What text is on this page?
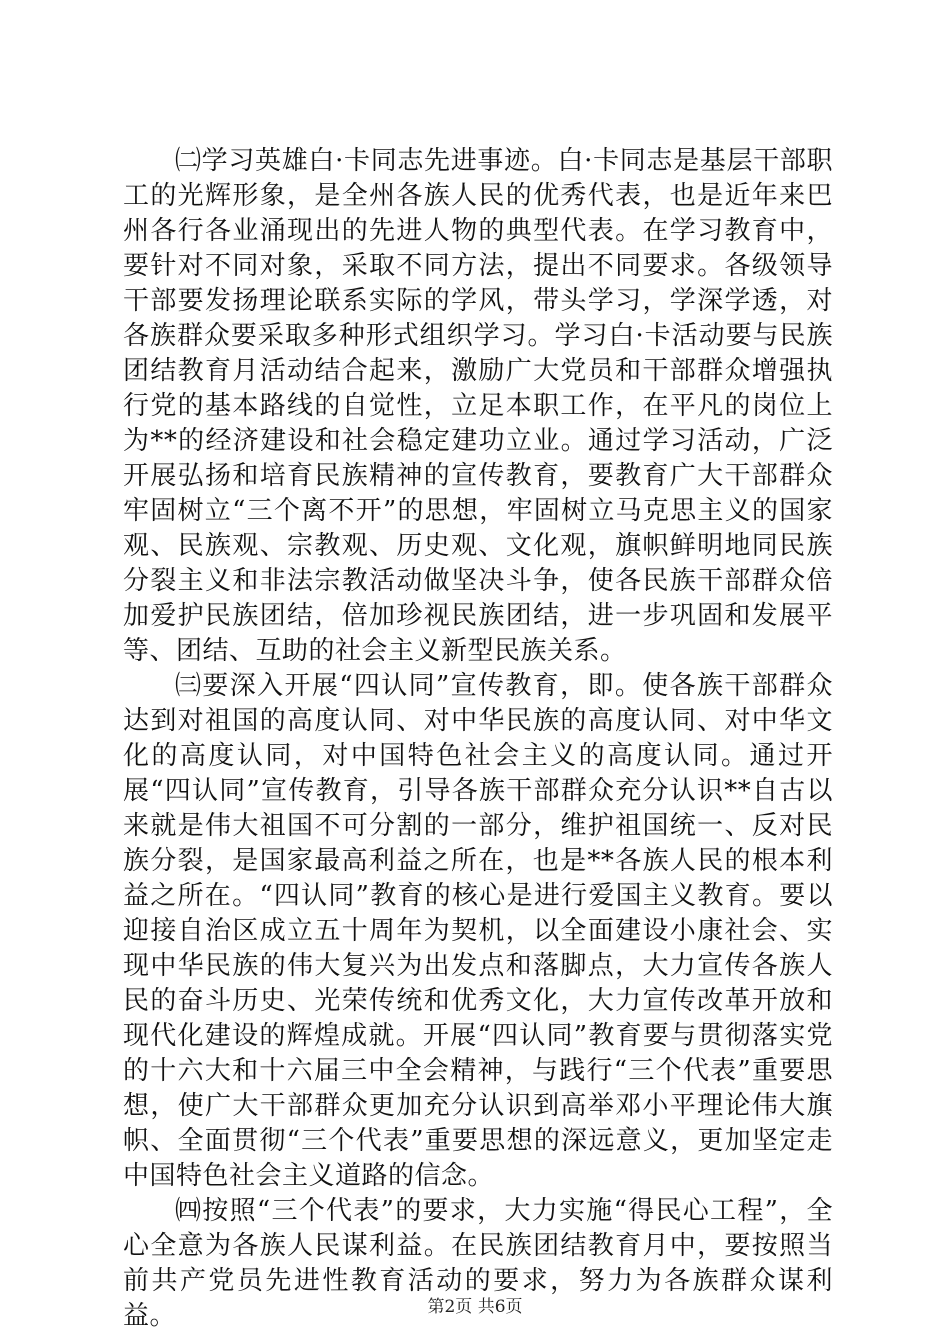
㈡学习英雄白·卡同志先进事迹。白·卡同志是基层干部职工的光辉形象，是全州各族人民的优秀代表，也是近年来巴州各行各业涌现出的先进人物的典型代表。在学习教育中，要针对不同对象，采取不同方法，提出不同要求。各级领导干部要发扬理论联系实际的学风，带头学习，学深学透，对各族群众要采取多种形式组织学习。学习白·卡活动要与民族团结教育月活动结合起来，激励广大党员和干部群众增强执行党的基本路线的自觉性，立足本职工作，在平凡的岗位上为**的经济建设和社会稳定建功立业。通过学习活动，广泛开展弘扬和培育民族精神的宣传教育，要教育广大干部群众牢固树立“三个离不开”的思想，牢固树立马克思主义的国家观、民族观、宗教观、历史观、文化观，旗帜鲜明地同民族分裂主义和非法宗教活动做坚决斗争，使各民族干部群众倍加爱护民族团结，倍加珍视民族团结，进一步巩固和发展平等、团结、互助的社会主义新型民族关系。

㈢要深入开展“四认同”宣传教育，即。使各族干部群众达到对祖国的高度认同、对中华民族的高度认同、对中华文化的高度认同，对中国特色社会主义的高度认同。通过开展“四认同”宣传教育，引导各族干部群众充分认识**自古以来就是伟大祖国不可分割的一部分，维护祖国统一、反对民族分裂，是国家最高利益之所在，也是**各族人民的根本利益之所在。“四认同”教育的核心是进行爱国主义教育。要以迎接自治区成立五十周年为契机，以全面建设小康社会、实现中华民族的伟大复兴为出发点和落脚点，大力宣传各族人民的奋斗历史、光荣传统和优秀文化，大力宣传改革开放和现代化建设的辉煌成就。开展“四认同”教育要与贯彻落实党的十六大和十六届三中全会精神，与践行“三个代表”重要思想，使广大干部群众更加充分认识到高举邓小平理论伟大旗帜、全面贯彻“三个代表”重要思想的深远意义，更加坚定走中国特色社会主义道路的信念。

㈣按照“三个代表”的要求，大力实施“得民心工程”，全心全意为各族人民谋利益。在民族团结教育月中，要按照当前共产党员先进性教育活动的要求，努力为各族群众谋利益。	第2页 共6页
